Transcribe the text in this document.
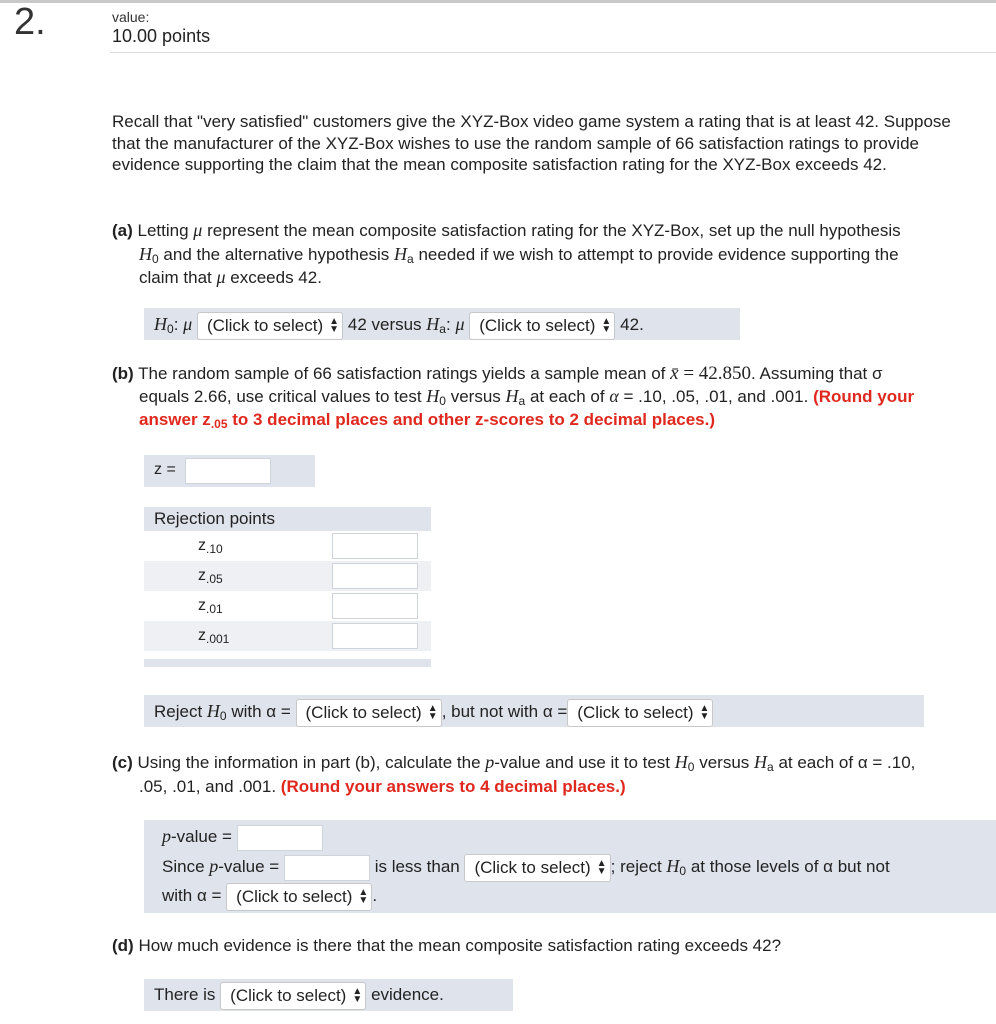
2.	value:
10.00 points
Recall that "very satisfied" customers give the XYZ-Box video game system a rating that is at least 42. Suppose that the manufacturer of the XYZ-Box wishes to use the random sample of 66 satisfaction ratings to provide evidence supporting the claim that the mean composite satisfaction rating for the XYZ-Box exceeds 42.
(a) Letting μ represent the mean composite satisfaction rating for the XYZ-Box, set up the null hypothesis
$H_0$ and the alternative hypothesis $H_a$ needed if we wish to attempt to provide evidence supporting the
claim that μ exceeds 42.
$H_0$: μ (Click to select) ▲
▼ 42 versus $H_a$: μ (Click to select) ▲
▼ 42.
(b) The random sample of 66 satisfaction ratings yields a sample mean of x̄ = 42.850. Assuming that σ
equals 2.66, use critical values to test $H_0$ versus $H_a$ at each of α = .10, .05, .01, and .001. (Round your
answer $z_{.05}$ to 3 decimal places and other z-scores to 2 decimal places.)
z =
Rejection points
$z_{.10}$
$z_{.05}$
$z_{.01}$
$z_{.001}$
Reject $H_0$ with α = (Click to select) ▲
▼ , but not with α = (Click to select) ▲
▼
(c) Using the information in part (b), calculate the p-value and use it to test $H_0$ versus $H_a$ at each of α = .10,
.05, .01, and .001. (Round your answers to 4 decimal places.)
p-value =
Since p-value =	is less than (Click to select) ▲
▼ ; reject $H_0$ at those levels of α but not
with α = (Click to select) ▲
▼ .
(d) How much evidence is there that the mean composite satisfaction rating exceeds 42?
There is (Click to select) ▲
▼ evidence.
